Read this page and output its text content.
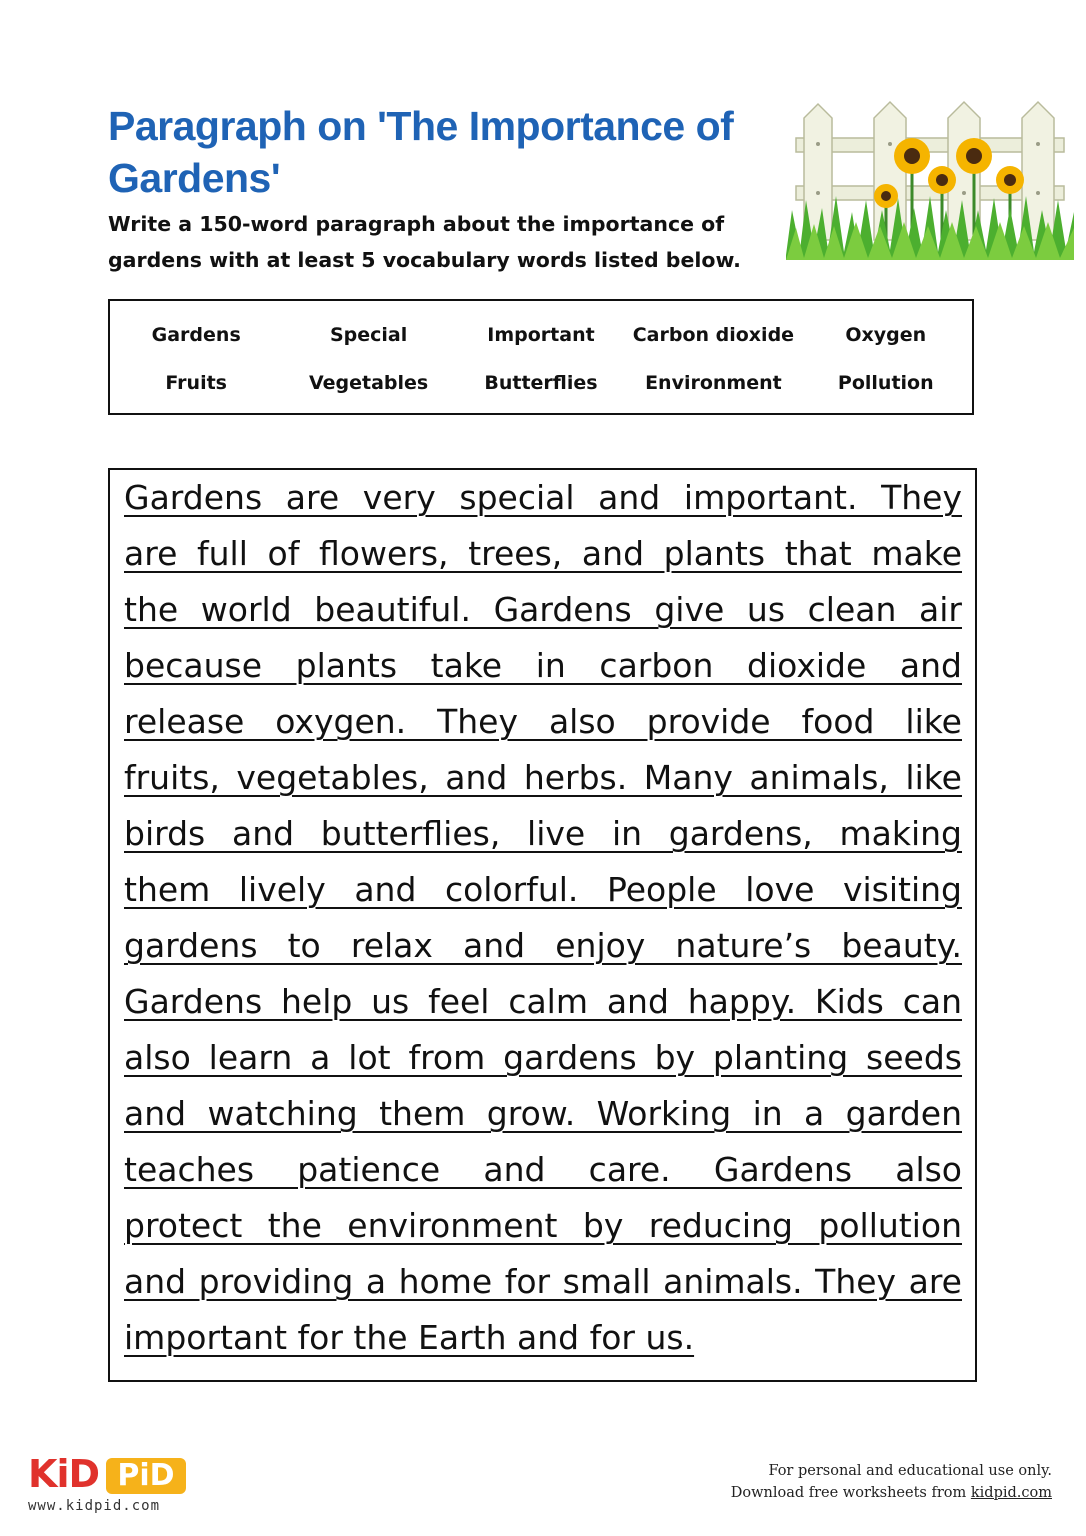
Paragraph on 'The Importance of Gardens'
Write a 150-word paragraph about the importance of gardens with at least 5 vocabulary words listed below.
Gardens	Special	Important	Carbon dioxide	Oxygen
Fruits	Vegetables	Butterflies	Environment	Pollution
Gardens are very special and important. They
are full of flowers, trees, and plants that make
the world beautiful. Gardens give us clean air
because plants take in carbon dioxide and
release oxygen. They also provide food like
fruits, vegetables, and herbs. Many animals, like
birds and butterflies, live in gardens, making
them lively and colorful. People love visiting
gardens to relax and enjoy nature’s beauty.
Gardens help us feel calm and happy. Kids can
also learn a lot from gardens by planting seeds
and watching them grow. Working in a garden
teaches patience and care. Gardens also
protect the environment by reducing pollution
and providing a home for small animals. They are
important for the Earth and for us.
KiD PiD
www.kidpid.com
For personal and educational use only.
Download free worksheets from kidpid.com
